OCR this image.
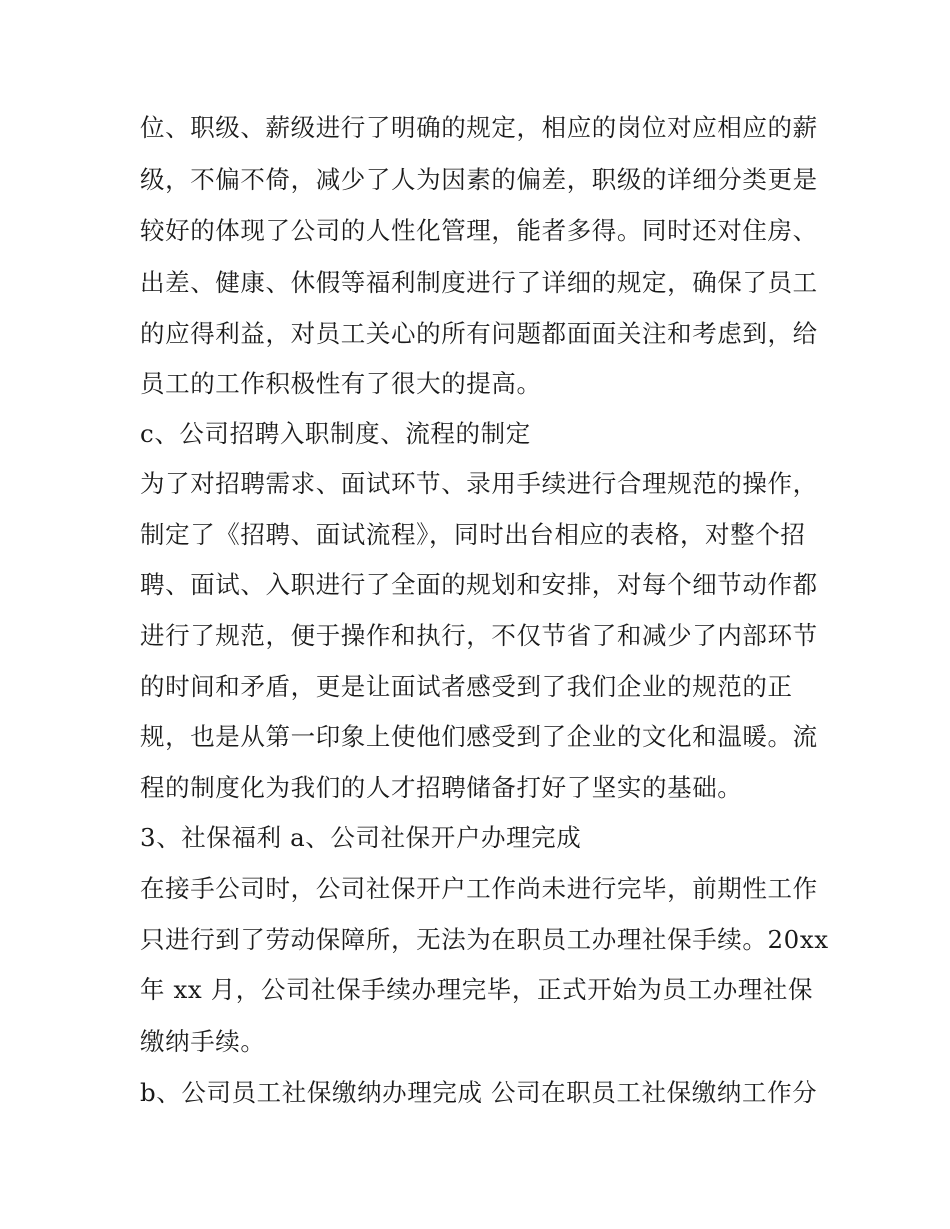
位、职级、薪级进行了明确的规定，相应的岗位对应相应的薪
级，不偏不倚，减少了人为因素的偏差，职级的详细分类更是
较好的体现了公司的人性化管理，能者多得。同时还对住房、
出差、健康、休假等福利制度进行了详细的规定，确保了员工
的应得利益，对员工关心的所有问题都面面关注和考虑到，给
员工的工作积极性有了很大的提高。
c、公司招聘入职制度、流程的制定
为了对招聘需求、面试环节、录用手续进行合理规范的操作，
制定了《招聘、面试流程》，同时出台相应的表格，对整个招
聘、面试、入职进行了全面的规划和安排，对每个细节动作都
进行了规范，便于操作和执行，不仅节省了和减少了内部环节
的时间和矛盾，更是让面试者感受到了我们企业的规范的正
规，也是从第一印象上使他们感受到了企业的文化和温暖。流
程的制度化为我们的人才招聘储备打好了坚实的基础。
3、社保福利 a、公司社保开户办理完成
在接手公司时，公司社保开户工作尚未进行完毕，前期性工作
只进行到了劳动保障所，无法为在职员工办理社保手续。20xx
年 xx 月，公司社保手续办理完毕，正式开始为员工办理社保
缴纳手续。
b、公司员工社保缴纳办理完成 公司在职员工社保缴纳工作分
